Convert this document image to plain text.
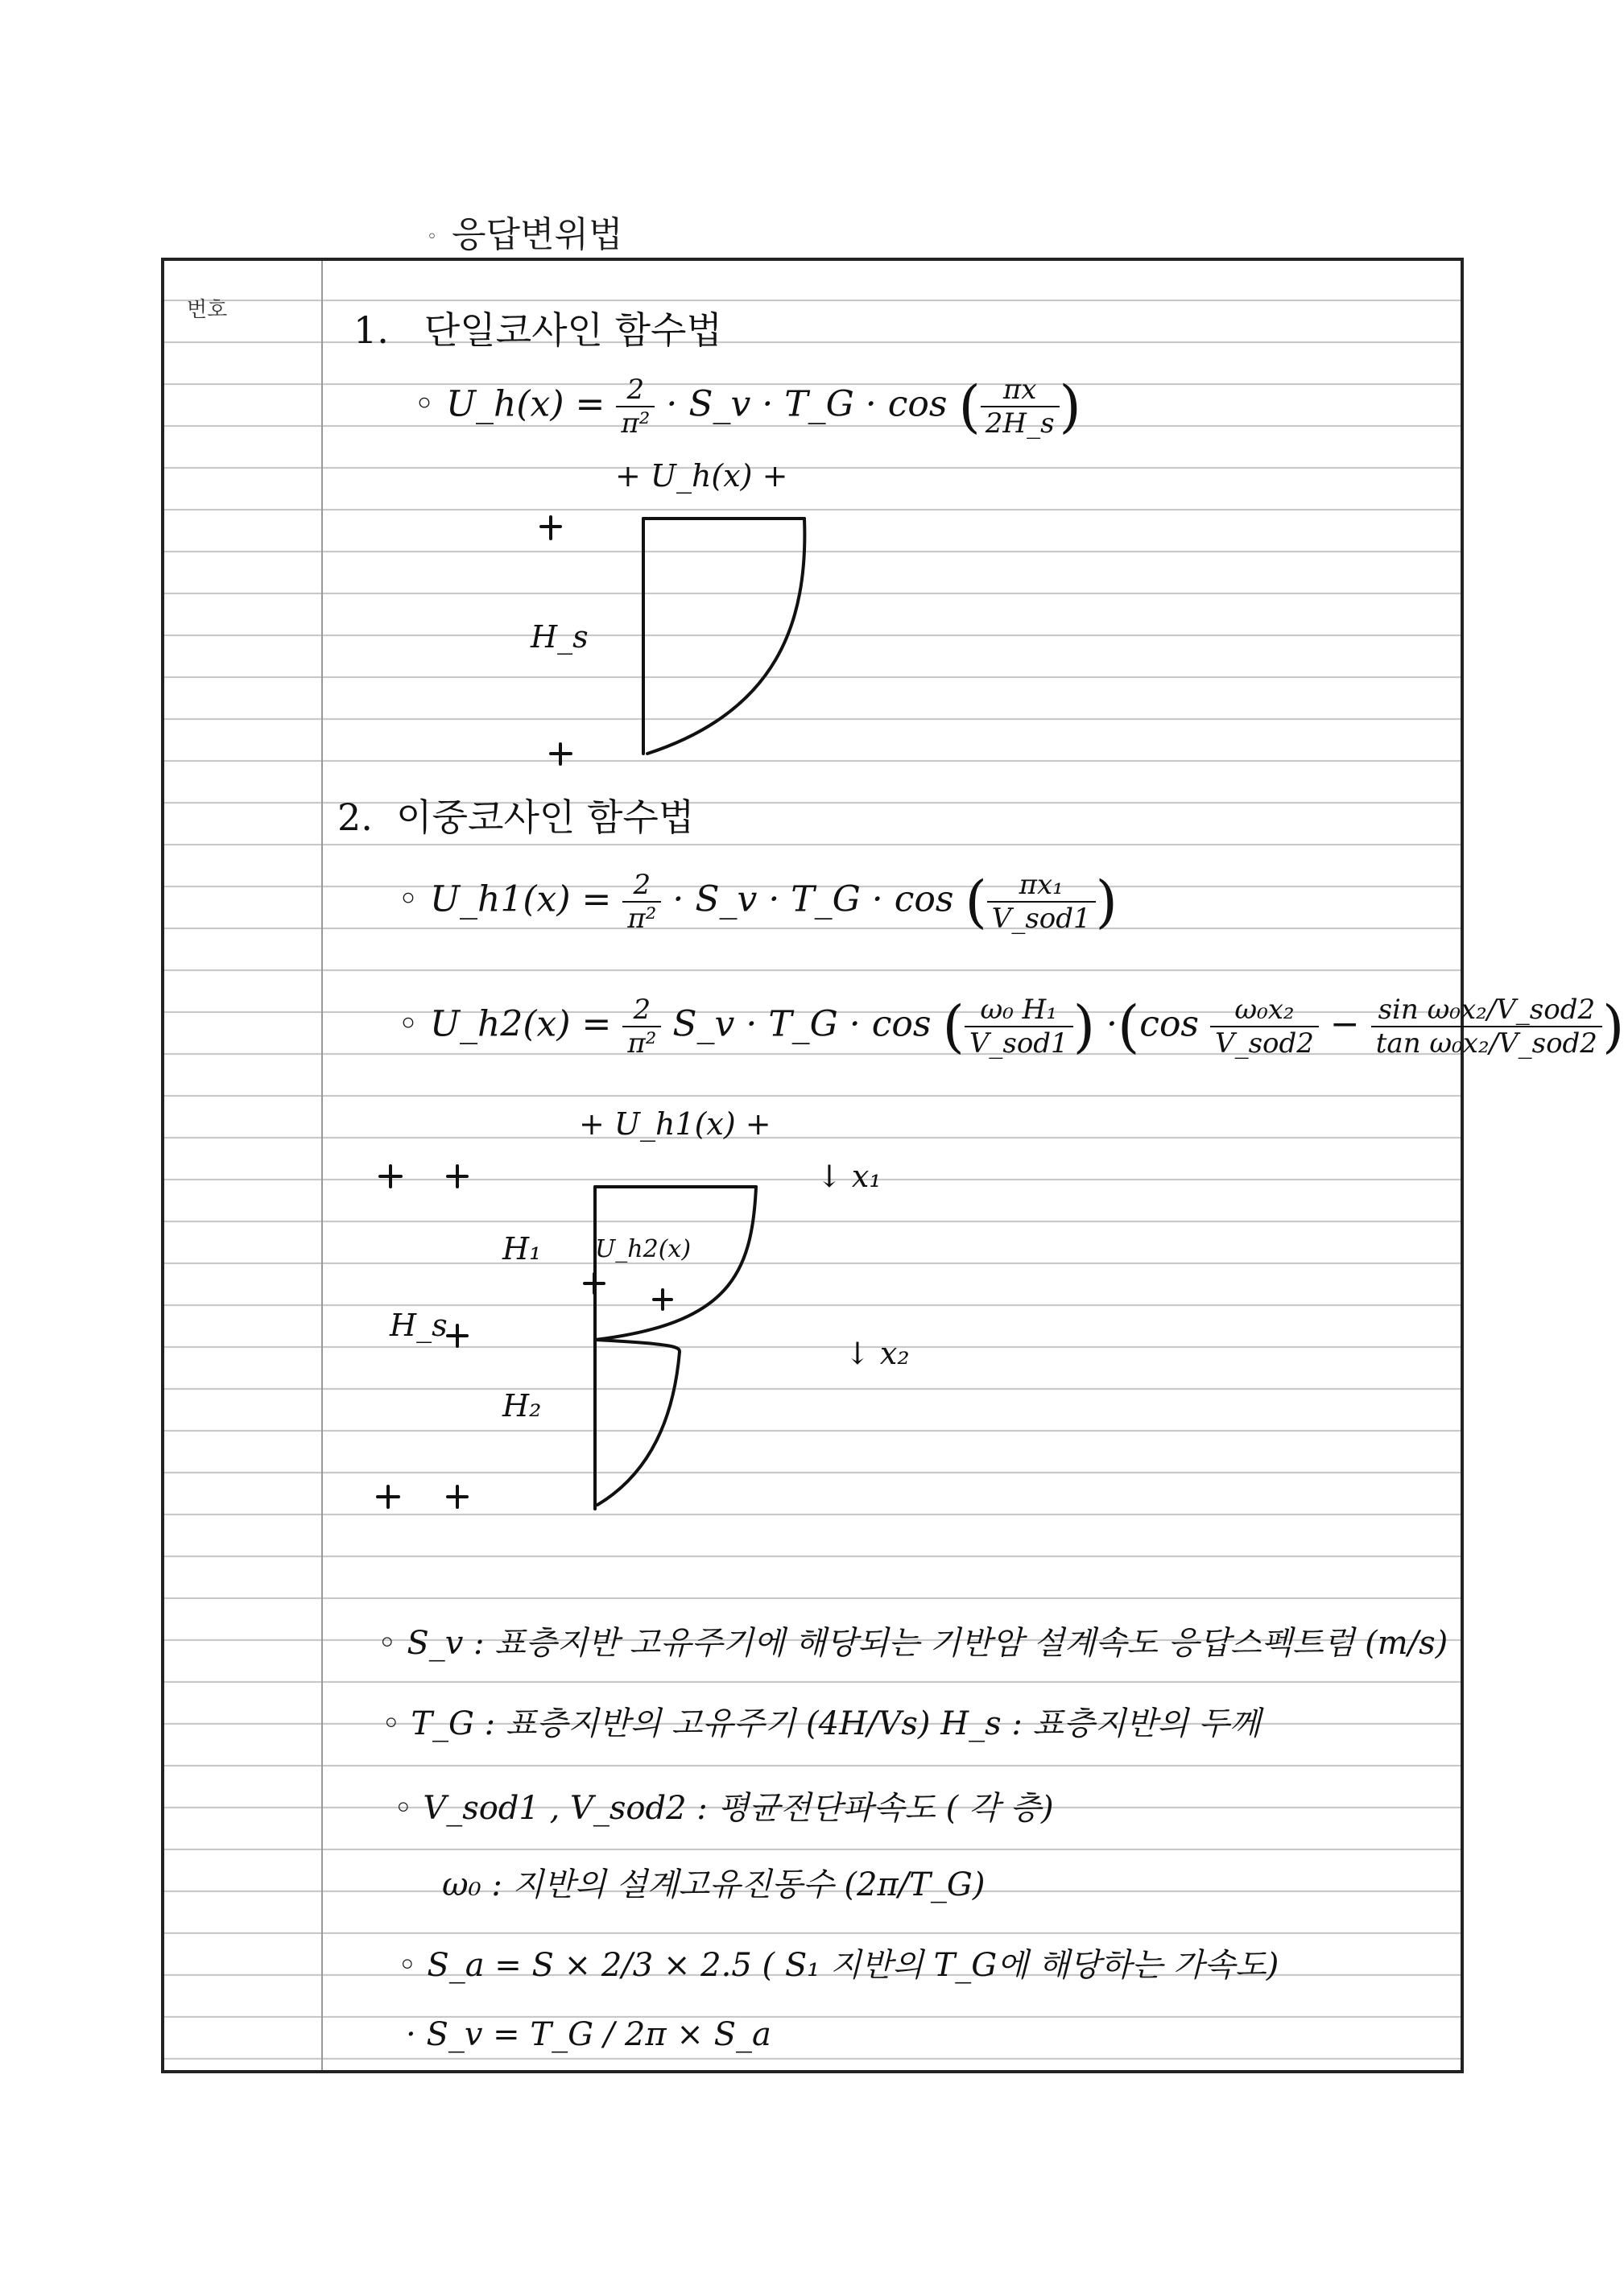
◦ 응답변위법
번호	1. 단일코사인 함수법
◦ U_h(x) = $\frac{2}{\text{π²}}$ · S_v · T_G · cos ( $\frac{\pi x}{2H\_s}$ )
+ U_h(x) +
H_s
2. 이중코사인 함수법
◦ U_h1(x) = $\frac{2}{\text{π²}}$ · S_v · T_G · cos ( $\frac{\text{πx₁}}{\text{V\_sod1}}$ )
◦ U_h2(x) = $\frac{2}{\text{π²}}$ S_v · T_G · cos ( $\frac{\text{ω₀ H₁}}{\text{V\_sod1}}$ ) $\cdot(\cos \frac{\text{ω₀x₂}}{\text{V\_sod2}} - \frac{\text{sin ω₀x₂/V\_sod2}}{\text{tan ω₀x₂/V\_sod2}}$ )
+ U_h1(x) +
U_h2(x)
H₁
H₂
H_s
↓ x₁
↓ x₂
◦ S_v : 표층지반 고유주기에 해당되는 기반암 설계속도 응답스펙트럼 (m/s)
◦ T_G : 표층지반의 고유주기 (4H/Vs) H_s : 표층지반의 두께
◦ V_sod1 , V_sod2 : 평균전단파속도 ( 각 층)
ω₀ : 지반의 설계고유진동수 (2π/T_G)
◦ S_a = S × 2/3 × 2.5 ( S₁ 지반의 T_G에 해당하는 가속도)
· S_v = T_G / 2π × S_a
